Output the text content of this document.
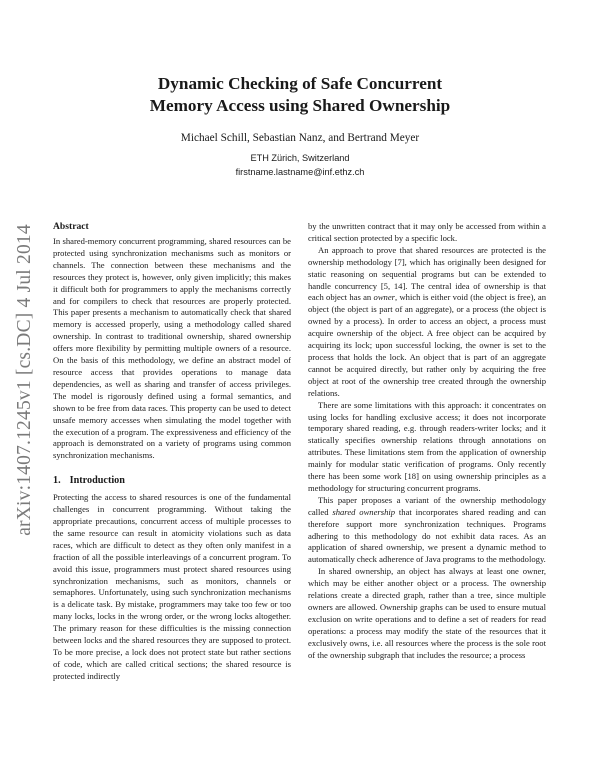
arXiv:1407.1245v1 [cs.DC] 4 Jul 2014
Dynamic Checking of Safe Concurrent
Memory Access using Shared Ownership
Michael Schill, Sebastian Nanz, and Bertrand Meyer
ETH Zürich, Switzerland
firstname.lastname@inf.ethz.ch
Abstract

In shared-memory concurrent programming, shared resources can be protected using synchronization mechanisms such as monitors or channels. The connection between these mechanisms and the resources they protect is, however, only given implicitly; this makes it difficult both for programmers to apply the mechanisms correctly and for compilers to check that resources are properly protected. This paper presents a mechanism to automatically check that shared memory is accessed properly, using a methodology called shared ownership. In contrast to traditional ownership, shared ownership offers more flexibility by permitting multiple owners of a resource. On the basis of this methodology, we define an abstract model of resource access that provides operations to manage data dependencies, as well as sharing and transfer of access privileges. The model is rigorously defined using a formal semantics, and shown to be free from data races. This property can be used to detect unsafe memory accesses when simulating the model together with the execution of a program. The expressiveness and efficiency of the approach is demonstrated on a variety of programs using common synchronization mechanisms.

1. Introduction

Protecting the access to shared resources is one of the fundamental challenges in concurrent programming. Without taking the appropriate precautions, concurrent access of multiple processes to the same resource can result in atomicity violations such as data races, which are difficult to detect as they often only manifest in a fraction of all the possible interleavings of a concurrent program. To avoid this issue, programmers must protect shared resources using synchronization mechanisms, such as monitors, channels or semaphores. Unfortunately, using such synchronization mechanisms is a delicate task. By mistake, programmers may take too few or too many locks, locks in the wrong order, or the wrong locks altogether. The primary reason for these difficulties is the missing connection between locks and the shared resources they are supposed to protect. To be more precise, a lock does not protect state but rather sections of code, which are called critical sections; the shared resource is protected indirectly

by the unwritten contract that it may only be accessed from within a critical section protected by a specific lock.

An approach to prove that shared resources are protected is the ownership methodology [7], which has originally been designed for static reasoning on sequential programs but can be extended to handle concurrency [5, 14]. The central idea of ownership is that each object has an owner, which is either void (the object is free), an object (the object is part of an aggregate), or a process (the object is owned by a process). In order to access an object, a process must acquire ownership of the object. A free object can be acquired by acquiring its lock; upon successful locking, the owner is set to the process that holds the lock. An object that is part of an aggregate cannot be acquired directly, but rather only by acquiring the free object at root of the ownership tree created through the ownership relations.

There are some limitations with this approach: it concentrates on using locks for handling exclusive access; it does not incorporate temporary shared reading, e.g. through readers-writer locks; and it statically specifies ownership relations through annotations on attributes. These limitations stem from the application of ownership mainly for modular static verification of programs. Only recently there has been some work [18] on using ownership principles as a methodology for structuring concurrent programs.

This paper proposes a variant of the ownership methodology called shared ownership that incorporates shared reading and can therefore support more synchronization techniques. Programs adhering to this methodology do not exhibit data races. As an application of shared ownership, we present a dynamic method to automatically check adherence of Java programs to the methodology.

In shared ownership, an object has always at least one owner, which may be either another object or a process. The ownership relations create a directed graph, rather than a tree, since multiple owners are allowed. Ownership graphs can be used to ensure mutual exclusion on write operations and to define a set of readers for read operations: a process may modify the state of the resources that it exclusively owns, i.e. all resources where the process is the sole root of the ownership subgraph that includes the resource; a process
